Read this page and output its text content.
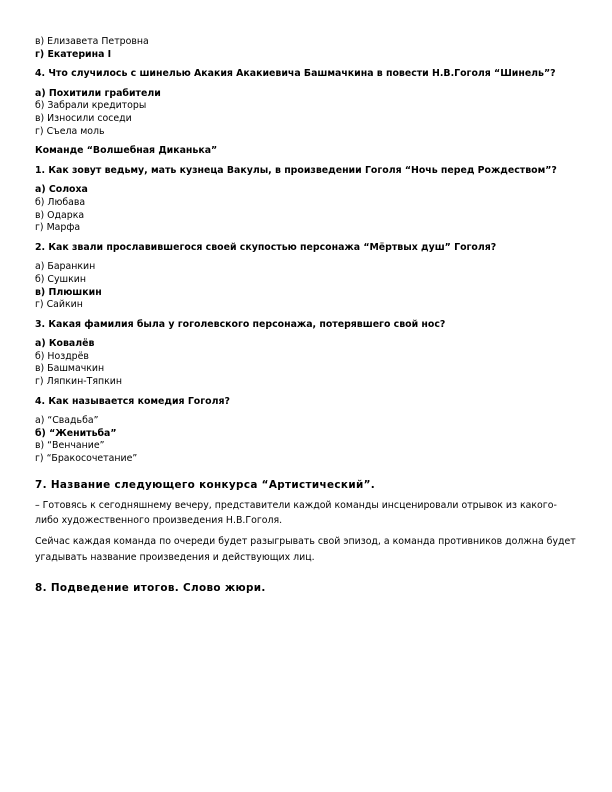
в) Елизавета Петровна
г) Екатерина I
4. Что случилось с шинелью Акакия Акакиевича Башмачкина в повести Н.В.Гоголя “Шинель”?
а) Похитили грабители
б) Забрали кредиторы
в) Износили соседи
г) Съела моль
Команде “Волшебная Диканька”
1. Как зовут ведьму, мать кузнеца Вакулы, в произведении Гоголя “Ночь перед Рождеством”?
а) Солоха
б) Любава
в) Одарка
г) Марфа
2. Как звали прославившегося своей скупостью персонажа “Мёртвых душ” Гоголя?
а) Баранкин
б) Сушкин
в) Плюшкин
г) Сайкин
3. Какая фамилия была у гоголевского персонажа, потерявшего свой нос?
а) Ковалёв
б) Ноздрёв
в) Башмачкин
г) Ляпкин-Тяпкин
4. Как называется комедия Гоголя?
а) “Свадьба”
б) “Женитьба”
в) “Венчание”
г) “Бракосочетание”
7. Название следующего конкурса “Артистический”.
– Готовясь к сегодняшнему вечеру, представители каждой команды инсценировали отрывок из какого-либо художественного произведения Н.В.Гоголя.
Сейчас каждая команда по очереди будет разыгрывать свой эпизод, а команда противников должна будет угадывать название произведения и действующих лиц.
8. Подведение итогов. Слово жюри.
